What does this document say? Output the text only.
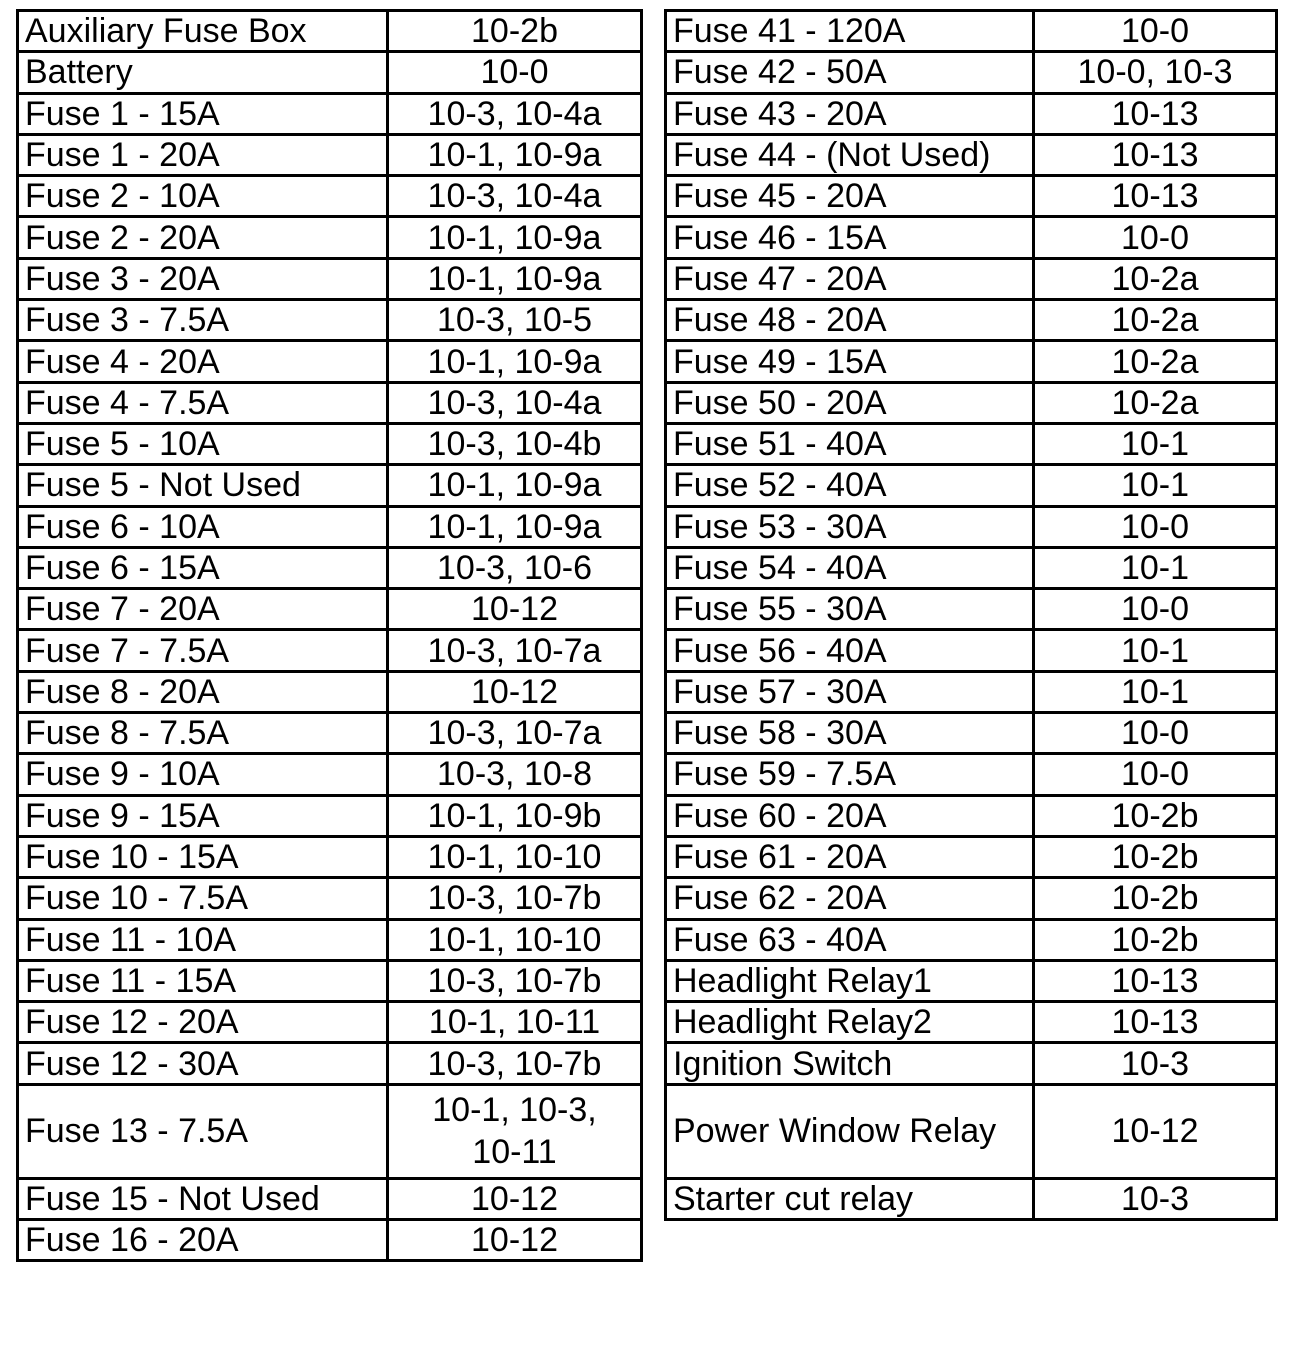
Auxiliary Fuse Box	10-2b
Battery	10-0
Fuse 1 - 15A	10-3, 10-4a
Fuse 1 - 20A	10-1, 10-9a
Fuse 2 - 10A	10-3, 10-4a
Fuse 2 - 20A	10-1, 10-9a
Fuse 3 - 20A	10-1, 10-9a
Fuse 3 - 7.5A	10-3, 10-5
Fuse 4 - 20A	10-1, 10-9a
Fuse 4 - 7.5A	10-3, 10-4a
Fuse 5 - 10A	10-3, 10-4b
Fuse 5 - Not Used	10-1, 10-9a
Fuse 6 - 10A	10-1, 10-9a
Fuse 6 - 15A	10-3, 10-6
Fuse 7 - 20A	10-12
Fuse 7 - 7.5A	10-3, 10-7a
Fuse 8 - 20A	10-12
Fuse 8 - 7.5A	10-3, 10-7a
Fuse 9 - 10A	10-3, 10-8
Fuse 9 - 15A	10-1, 10-9b
Fuse 10 - 15A	10-1, 10-10
Fuse 10 - 7.5A	10-3, 10-7b
Fuse 11 - 10A	10-1, 10-10
Fuse 11 - 15A	10-3, 10-7b
Fuse 12 - 20A	10-1, 10-11
Fuse 12 - 30A	10-3, 10-7b
Fuse 13 - 7.5A	10-1, 10-3,
10-11
Fuse 15 - Not Used	10-12
Fuse 16 - 20A	10-12
Fuse 41 - 120A	10-0
Fuse 42 - 50A	10-0, 10-3
Fuse 43 - 20A	10-13
Fuse 44 - (Not Used)	10-13
Fuse 45 - 20A	10-13
Fuse 46 - 15A	10-0
Fuse 47 - 20A	10-2a
Fuse 48 - 20A	10-2a
Fuse 49 - 15A	10-2a
Fuse 50 - 20A	10-2a
Fuse 51 - 40A	10-1
Fuse 52 - 40A	10-1
Fuse 53 - 30A	10-0
Fuse 54 - 40A	10-1
Fuse 55 - 30A	10-0
Fuse 56 - 40A	10-1
Fuse 57 - 30A	10-1
Fuse 58 - 30A	10-0
Fuse 59 - 7.5A	10-0
Fuse 60 - 20A	10-2b
Fuse 61 - 20A	10-2b
Fuse 62 - 20A	10-2b
Fuse 63 - 40A	10-2b
Headlight Relay1	10-13
Headlight Relay2	10-13
Ignition Switch	10-3
Power Window Relay	10-12
Starter cut relay	10-3
